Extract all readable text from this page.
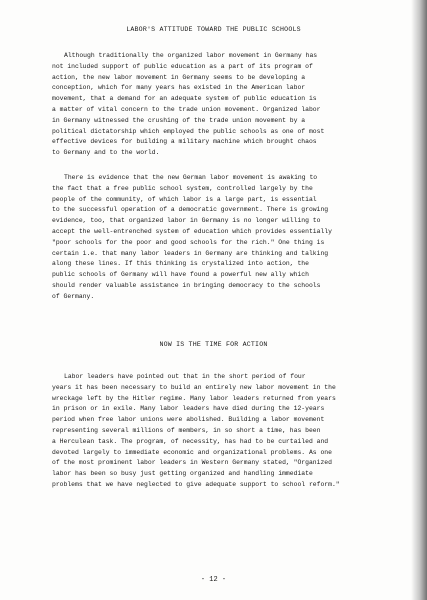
LABOR'S ATTITUDE TOWARD THE PUBLIC SCHOOLS
Although traditionally the organized labor movement in Germany has
not included support of public education as a part of its program of
action, the new labor movement in Germany seems to be developing a
conception, which for many years has existed in the American labor
movement, that a demand for an adequate system of public education is
a matter of vital concern to the trade union movement. Organized labor
in Germany witnessed the crushing of the trade union movement by a
political dictatorship which employed the public schools as one of most
effective devices for building a military machine which brought chaos
to Germany and to the world.
There is evidence that the new German labor movement is awaking to
the fact that a free public school system, controlled largely by the
people of the community, of which labor is a large part, is essential
to the successful operation of a democratic government. There is growing
evidence, too, that organized labor in Germany is no longer willing to
accept the well-entrenched system of education which provides essentially
"poor schools for the poor and good schools for the rich." One thing is
certain i.e. that many labor leaders in Germany are thinking and talking
along these lines. If this thinking is crystalized into action, the
public schools of Germany will have found a powerful new ally which
should render valuable assistance in bringing democracy to the schools
of Germany.
NOW IS THE TIME FOR ACTION
Labor leaders have pointed out that in the short period of four
years it has been necessary to build an entirely new labor movement in the
wreckage left by the Hitler regime. Many labor leaders returned from years
in prison or in exile. Many labor leaders have died during the 12-years
period when free labor unions were abolished. Building a labor movement
representing several millions of members, in so short a time, has been
a Herculean task. The program, of necessity, has had to be curtailed and
devoted largely to immediate economic and organizational problems. As one
of the most prominent labor leaders in Western Germany stated, "Organized
labor has been so busy just getting organized and handling immediate
problems that we have neglected to give adequate support to school reform."
- 12 -
